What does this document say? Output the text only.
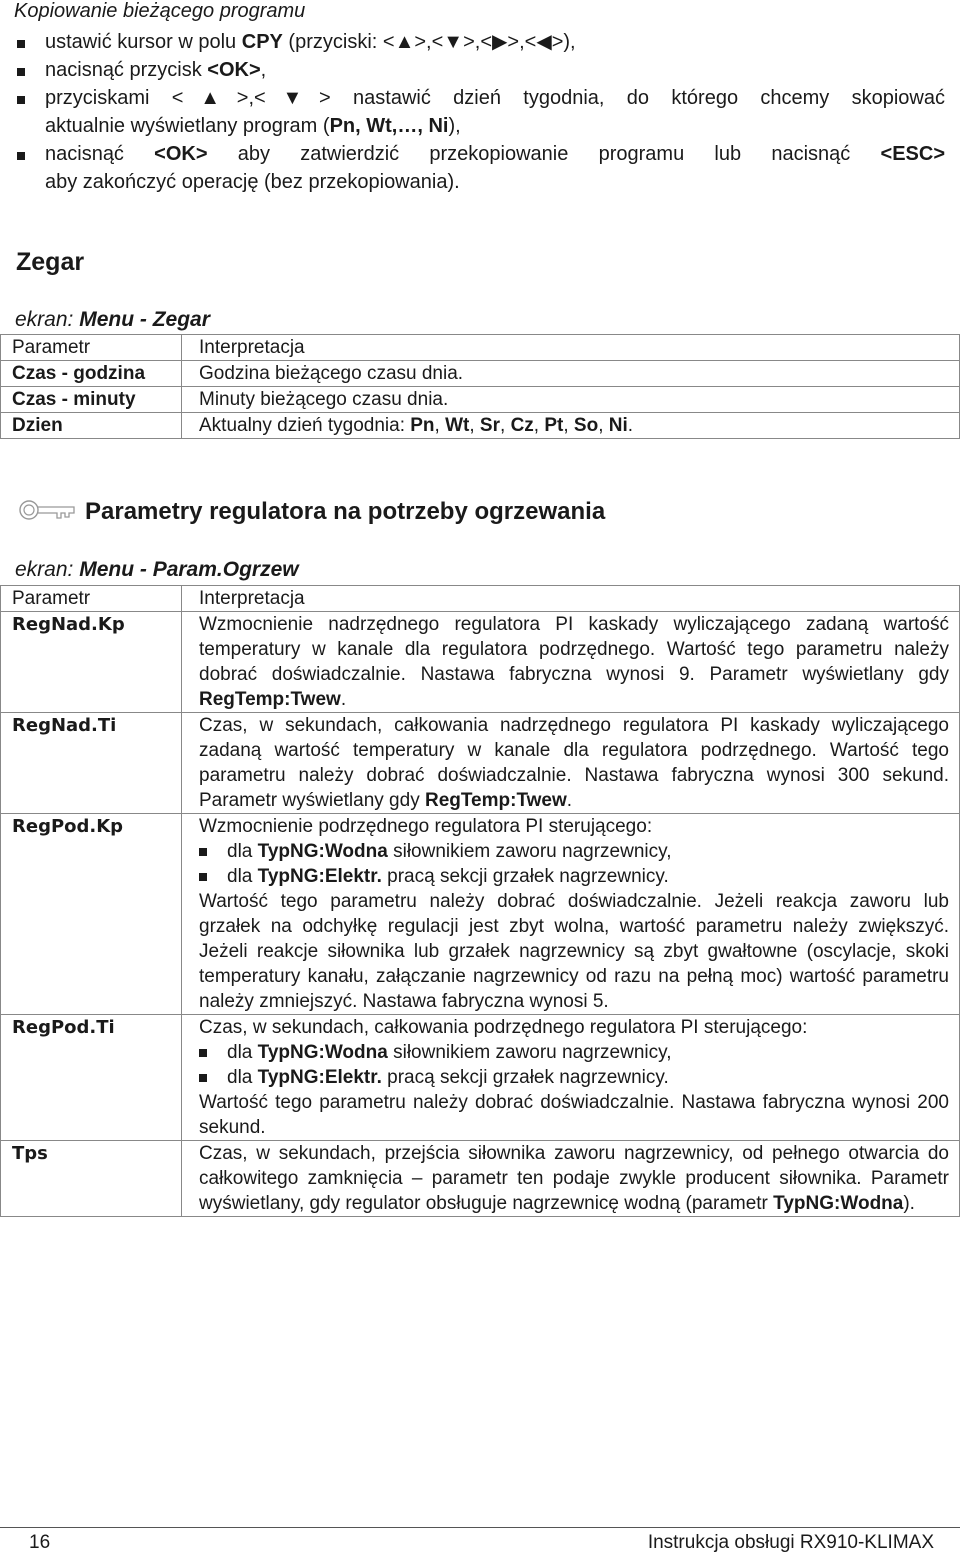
Kopiowanie bieżącego programu
ustawić kursor w polu CPY (przyciski: <▲>,<▼>,<▶>,<◀>),
nacisnąć przycisk <OK>,
przyciskami <▲>,<▼> nastawić dzień tygodnia, do którego chcemy skopiować
aktualnie wyświetlany program (Pn, Wt,…, Ni),
nacisnąć <OK> aby zatwierdzić przekopiowanie programu lub nacisnąć <ESC>
aby zakończyć operację (bez przekopiowania).
Zegar
ekran: Menu - Zegar
Parametr	Interpretacja
Czas - godzina	Godzina bieżącego czasu dnia.
Czas - minuty	Minuty bieżącego czasu dnia.
Dzien	Aktualny dzień tygodnia: Pn, Wt, Sr, Cz, Pt, So, Ni.
Parametry regulatora na potrzeby ogrzewania
ekran: Menu - Param.Ogrzew
Parametr	Interpretacja
RegNad.Kp	Wzmocnienie nadrzędnego regulatora PI kaskady wyliczającego zadaną wartość temperatury w kanale dla regulatora podrzędnego. Wartość tego parametru należy dobrać doświadczalnie. Nastawa fabryczna wynosi 9. Parametr wyświetlany gdy RegTemp:Twew.

RegNad.Ti	Czas, w sekundach, całkowania nadrzędnego regulatora PI kaskady wyliczającego zadaną wartość temperatury w kanale dla regulatora podrzędnego. Wartość tego parametru należy dobrać doświadczalnie. Nastawa fabryczna wynosi 300 sekund. Parametr wyświetlany gdy RegTemp:Twew.

RegPod.Kp	Wzmocnienie podrzędnego regulatora PI sterującego:
dla TypNG:Wodna siłownikiem zaworu nagrzewnicy,
dla TypNG:Elektr. pracą sekcji grzałek nagrzewnicy.
Wartość tego parametru należy dobrać doświadczalnie. Jeżeli reakcja zaworu lub grzałek na odchyłkę regulacji jest zbyt wolna, wartość parametru należy zwiększyć. Jeżeli reakcje siłownika lub grzałek nagrzewnicy są zbyt gwałtowne (oscylacje, skoki temperatury kanału, załączanie nagrzewnicy od razu na pełną moc) wartość parametru należy zmniejszyć. Nastawa fabryczna wynosi 5.

RegPod.Ti	Czas, w sekundach, całkowania podrzędnego regulatora PI sterującego:
dla TypNG:Wodna siłownikiem zaworu nagrzewnicy,
dla TypNG:Elektr. pracą sekcji grzałek nagrzewnicy.
Wartość tego parametru należy dobrać doświadczalnie. Nastawa fabryczna wynosi 200 sekund.

Tps	Czas, w sekundach, przejścia siłownika zaworu nagrzewnicy, od pełnego otwarcia do całkowitego zamknięcia – parametr ten podaje zwykle producent siłownika. Parametr wyświetlany, gdy regulator obsługuje nagrzewnicę wodną (parametr TypNG:Wodna).
16	Instrukcja obsługi RX910-KLIMAX
